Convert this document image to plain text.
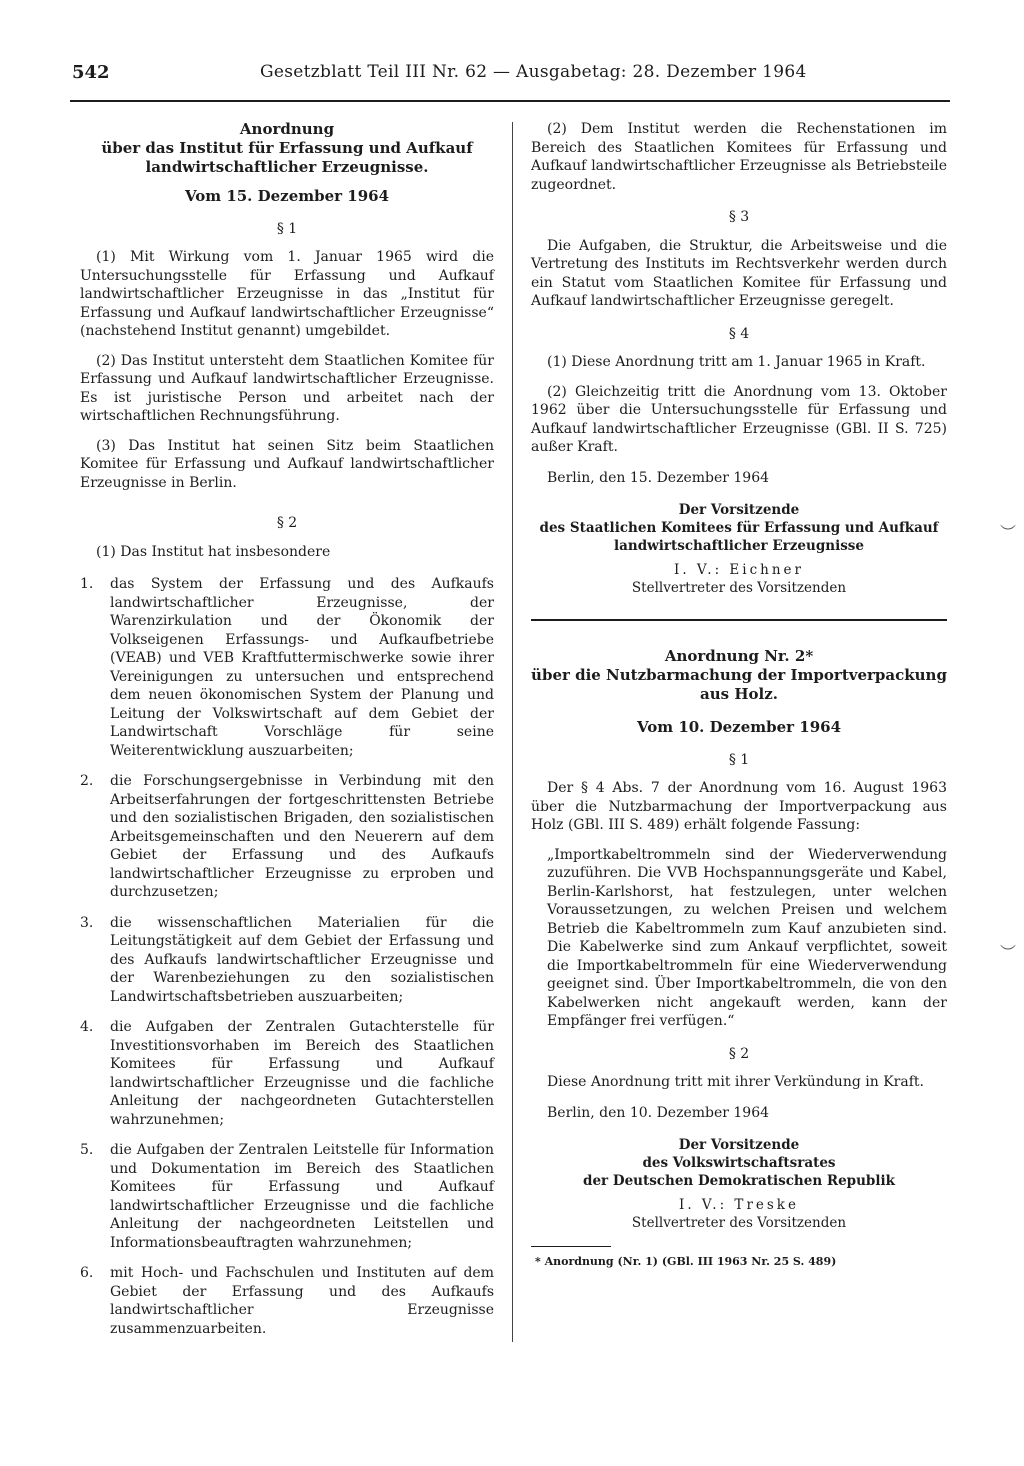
542	Gesetzblatt Teil III Nr. 62 — Ausgabetag: 28. Dezember 1964
Anordnung
über das Institut für Erfassung und Aufkauf
landwirtschaftlicher Erzeugnisse.
Vom 15. Dezember 1964
§ 1

(1) Mit Wirkung vom 1. Januar 1965 wird die Untersuchungsstelle für Erfassung und Aufkauf landwirtschaftlicher Erzeugnisse in das „Institut für Erfassung und Aufkauf landwirtschaftlicher Erzeugnisse“ (nachstehend Institut genannt) umgebildet.

(2) Das Institut untersteht dem Staatlichen Komitee für Erfassung und Aufkauf landwirtschaftlicher Erzeugnisse. Es ist juristische Person und arbeitet nach der wirtschaftlichen Rechnungsführung.

(3) Das Institut hat seinen Sitz beim Staatlichen Komitee für Erfassung und Aufkauf landwirtschaftlicher Erzeugnisse in Berlin.

§ 2

(1) Das Institut hat insbesondere

1.	das System der Erfassung und des Aufkaufs landwirtschaftlicher Erzeugnisse, der Warenzirkulation und der Ökonomik der Volkseigenen Erfassungs- und Aufkaufbetriebe (VEAB) und VEB Kraftfuttermischwerke sowie ihrer Vereinigungen zu untersuchen und entsprechend dem neuen ökonomischen System der Planung und Leitung der Volkswirtschaft auf dem Gebiet der Landwirtschaft Vorschläge für seine Weiterentwicklung auszuarbeiten;
2.	die Forschungsergebnisse in Verbindung mit den Arbeitserfahrungen der fortgeschrittensten Betriebe und den sozialistischen Brigaden, den sozialistischen Arbeitsgemeinschaften und den Neuerern auf dem Gebiet der Erfassung und des Aufkaufs landwirtschaftlicher Erzeugnisse zu erproben und durchzusetzen;
3.	die wissenschaftlichen Materialien für die Leitungstätigkeit auf dem Gebiet der Erfassung und des Aufkaufs landwirtschaftlicher Erzeugnisse und der Warenbeziehungen zu den sozialistischen Landwirtschaftsbetrieben auszuarbeiten;
4.	die Aufgaben der Zentralen Gutachterstelle für Investitionsvorhaben im Bereich des Staatlichen Komitees für Erfassung und Aufkauf landwirtschaftlicher Erzeugnisse und die fachliche Anleitung der nachgeordneten Gutachterstellen wahrzunehmen;
5.	die Aufgaben der Zentralen Leitstelle für Information und Dokumentation im Bereich des Staatlichen Komitees für Erfassung und Aufkauf landwirtschaftlicher Erzeugnisse und die fachliche Anleitung der nachgeordneten Leitstellen und Informationsbeauftragten wahrzunehmen;
6.	mit Hoch- und Fachschulen und Instituten auf dem Gebiet der Erfassung und des Aufkaufs landwirtschaftlicher Erzeugnisse zusammenzuarbeiten.

(2) Dem Institut werden die Rechenstationen im Bereich des Staatlichen Komitees für Erfassung und Aufkauf landwirtschaftlicher Erzeugnisse als Betriebsteile zugeordnet.

§ 3

Die Aufgaben, die Struktur, die Arbeitsweise und die Vertretung des Instituts im Rechtsverkehr werden durch ein Statut vom Staatlichen Komitee für Erfassung und Aufkauf landwirtschaftlicher Erzeugnisse geregelt.

§ 4

(1) Diese Anordnung tritt am 1. Januar 1965 in Kraft.

(2) Gleichzeitig tritt die Anordnung vom 13. Oktober 1962 über die Untersuchungsstelle für Erfassung und Aufkauf landwirtschaftlicher Erzeugnisse (GBl. II S. 725) außer Kraft.

Berlin, den 15. Dezember 1964
Der Vorsitzende
des Staatlichen Komitees für Erfassung und Aufkauf
landwirtschaftlicher Erzeugnisse
I. V.: Eichner
Stellvertreter des Vorsitzenden
Anordnung Nr. 2*
über die Nutzbarmachung der Importverpackung
aus Holz.
Vom 10. Dezember 1964
§ 1

Der § 4 Abs. 7 der Anordnung vom 16. August 1963 über die Nutzbarmachung der Importverpackung aus Holz (GBl. III S. 489) erhält folgende Fassung:

„Importkabeltrommeln sind der Wiederverwendung zuzuführen. Die VVB Hochspannungsgeräte und Kabel, Berlin-Karlshorst, hat festzulegen, unter welchen Voraussetzungen, zu welchen Preisen und welchem Betrieb die Kabeltrommeln zum Kauf anzubieten sind. Die Kabelwerke sind zum Ankauf verpflichtet, soweit die Importkabeltrommeln für eine Wiederverwendung geeignet sind. Über Importkabeltrommeln, die von den Kabelwerken nicht angekauft werden, kann der Empfänger frei verfügen.“
§ 2

Diese Anordnung tritt mit ihrer Verkündung in Kraft.

Berlin, den 10. Dezember 1964
Der Vorsitzende
des Volkswirtschaftsrates
der Deutschen Demokratischen Republik
I. V.: Treske
Stellvertreter des Vorsitzenden
* Anordnung (Nr. 1) (GBl. III 1963 Nr. 25 S. 489)
︶
︶
